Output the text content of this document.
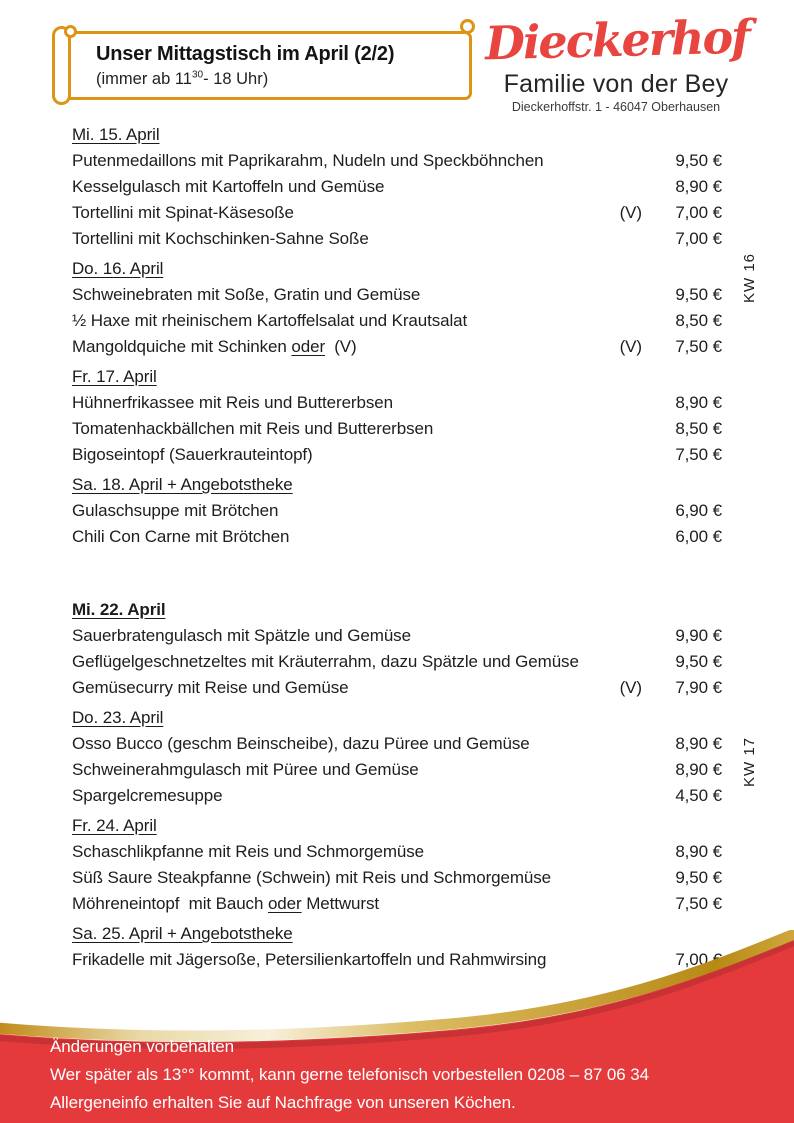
Unser Mittagstisch im April (2/2)
(immer ab $11^{30}-$ 18 Uhr)
Dieckerhof
Familie von der Bey
Dieckerhoffstr. 1 - 46047 Oberhausen
Mi. 15. April
Putenmedaillons mit Paprikarahm, Nudeln und Speckböhnchen	9,50 €
Kesselgulasch mit Kartoffeln und Gemüse	8,90 €
Tortellini mit Spinat-Käsesoße	(V)	7,00 €
Tortellini mit Kochschinken-Sahne Soße	7,00 €
Do. 16. April
Schweinebraten mit Soße, Gratin und Gemüse	9,50 €
½ Haxe mit rheinischem Kartoffelsalat und Krautsalat	8,50 €
Mangoldquiche mit Schinken oder  (V)	(V)	7,50 €
Fr. 17. April
Hühnerfrikassee mit Reis und Buttererbsen	8,90 €
Tomatenhackbällchen mit Reis und Buttererbsen	8,50 €
Bigoseintopf (Sauerkrauteintopf)	7,50 €
Sa. 18. April + Angebotstheke
Gulaschsuppe mit Brötchen	6,90 €
Chili Con Carne mit Brötchen	6,00 €
Mi. 22. April
Sauerbratengulasch mit Spätzle und Gemüse	9,90 €
Geflügelgeschnetzeltes mit Kräuterrahm, dazu Spätzle und Gemüse	9,50 €
Gemüsecurry mit Reise und Gemüse	(V)	7,90 €
Do. 23. April
Osso Bucco (geschm Beinscheibe), dazu Püree und Gemüse	8,90 €
Schweinerahmgulasch mit Püree und Gemüse	8,90 €
Spargelcremesuppe	4,50 €
Fr. 24. April
Schaschlikpfanne mit Reis und Schmorgemüse	8,90 €
Süß Saure Steakpfanne (Schwein) mit Reis und Schmorgemüse	9,50 €
Möhreneintopf  mit Bauch oder Mettwurst	7,50 €
Sa. 25. April + Angebotstheke
Frikadelle mit Jägersoße, Petersilienkartoffeln und Rahmwirsing	7,00 €
KW 16
KW 17
Änderungen vorbehalten
Wer später als 13°° kommt, kann gerne telefonisch vorbestellen 0208 – 87 06 34
Allergeneinfo erhalten Sie auf Nachfrage von unseren Köchen.
